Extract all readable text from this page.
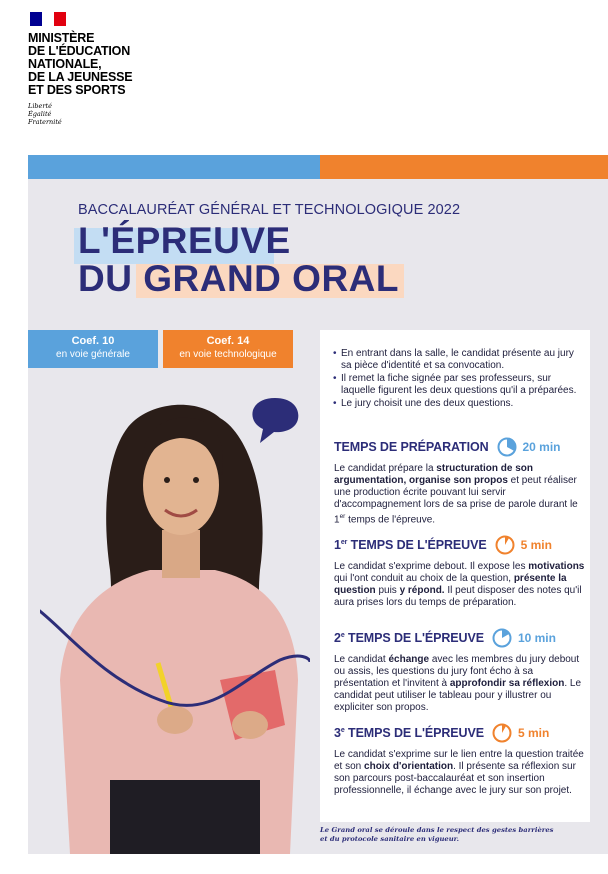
MINISTÈRE
DE L'ÉDUCATION
NATIONALE,
DE LA JEUNESSE
ET DES SPORTS
Liberté
Égalité
Fraternité
BACCALAURÉAT GÉNÉRAL ET TECHNOLOGIQUE 2022
L'ÉPREUVE
DU GRAND ORAL
Coef. 10
en voie générale
Coef. 14
en voie technologique
•	En entrant dans la salle, le candidat présente au jury sa pièce d'identité et sa convocation.
• Il remet la fiche signée par ses professeurs, sur laquelle figurent les deux questions qu'il a préparées.
• Le jury choisit une des deux questions.
TEMPS DE PRÉPARATION	20 min
Le candidat prépare la structuration de son argumentation, organise son propos et peut réaliser une production écrite pouvant lui servir d'accompagnement lors de sa prise de parole durant le 1er temps de l'épreuve.
1er TEMPS DE L'ÉPREUVE	5 min
Le candidat s'exprime debout. Il expose les motivations qui l'ont conduit au choix de la question, présente la question puis y répond. Il peut disposer des notes qu'il aura prises lors du temps de préparation.
2e TEMPS DE L'ÉPREUVE	10 min
Le candidat échange avec les membres du jury debout ou assis, les questions du jury font écho à sa présentation et l'invitent à approfondir sa réflexion. Le candidat peut utiliser le tableau pour y illustrer ou expliciter son propos.
3e TEMPS DE L'ÉPREUVE	5 min
Le candidat s'exprime sur le lien entre la question traitée et son choix d'orientation. Il présente sa réflexion sur son parcours post-baccalauréat et son insertion professionnelle, il échange avec le jury sur son projet.
Le Grand oral se déroule dans le respect des gestes barrières
et du protocole sanitaire en vigueur.
